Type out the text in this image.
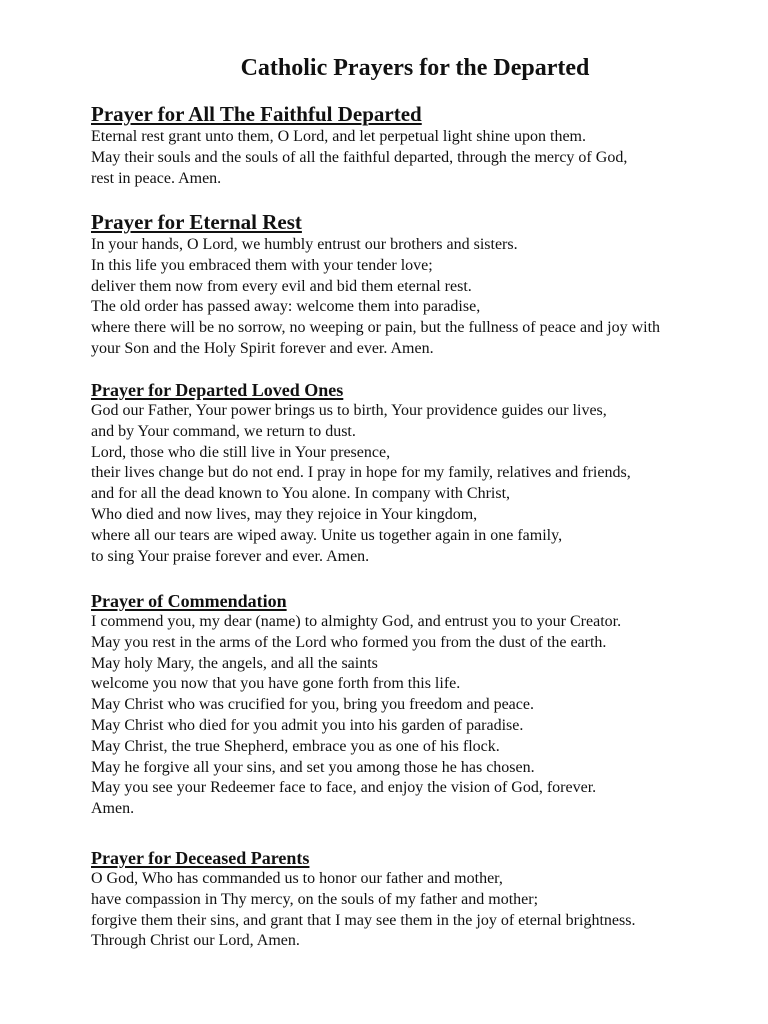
Catholic Prayers for the Departed
Prayer for All The Faithful Departed
Eternal rest grant unto them, O Lord, and let perpetual light shine upon them.
May their souls and the souls of all the faithful departed, through the mercy of God,
rest in peace. Amen.
Prayer for Eternal Rest
In your hands, O Lord, we humbly entrust our brothers and sisters.
In this life you embraced them with your tender love;
deliver them now from every evil and bid them eternal rest.
The old order has passed away: welcome them into paradise,
where there will be no sorrow, no weeping or pain, but the fullness of peace and joy with
your Son and the Holy Spirit forever and ever. Amen.
Prayer for Departed Loved Ones
God our Father, Your power brings us to birth, Your providence guides our lives,
and by Your command, we return to dust.
Lord, those who die still live in Your presence,
their lives change but do not end. I pray in hope for my family, relatives and friends,
and for all the dead known to You alone. In company with Christ,
Who died and now lives, may they rejoice in Your kingdom,
where all our tears are wiped away. Unite us together again in one family,
to sing Your praise forever and ever. Amen.
Prayer of Commendation
I commend you, my dear (name) to almighty God, and entrust you to your Creator.
May you rest in the arms of the Lord who formed you from the dust of the earth.
May holy Mary, the angels, and all the saints
welcome you now that you have gone forth from this life.
May Christ who was crucified for you, bring you freedom and peace.
May Christ who died for you admit you into his garden of paradise.
May Christ, the true Shepherd, embrace you as one of his flock.
May he forgive all your sins, and set you among those he has chosen.
May you see your Redeemer face to face, and enjoy the vision of God, forever.
Amen.
Prayer for Deceased Parents
O God, Who has commanded us to honor our father and mother,
have compassion in Thy mercy, on the souls of my father and mother;
forgive them their sins, and grant that I may see them in the joy of eternal brightness.
Through Christ our Lord, Amen.
